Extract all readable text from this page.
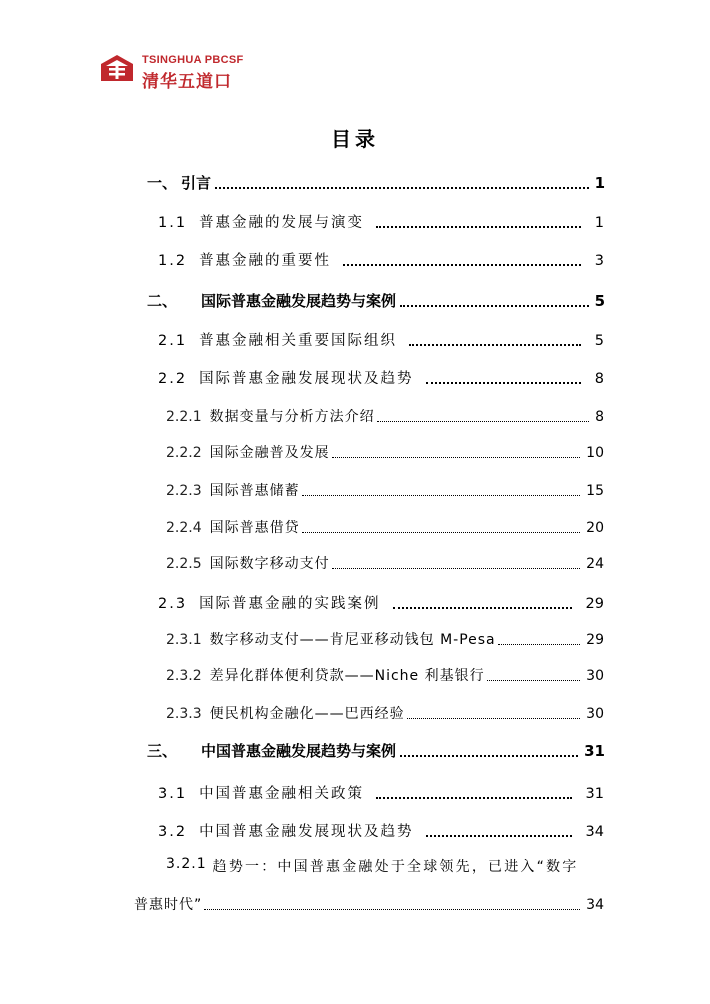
TSINGHUA PBCSF
清华五道口
目录
一、 引言	1
1.1 普惠金融的发展与演变	1
1.2 普惠金融的重要性	3
二、 国际普惠金融发展趋势与案例	5
2.1 普惠金融相关重要国际组织	5
2.2 国际普惠金融发展现状及趋势	8
2.2.1 数据变量与分析方法介绍	8
2.2.2 国际金融普及发展	10
2.2.3 国际普惠储蓄	15
2.2.4 国际普惠借贷	20
2.2.5 国际数字移动支付	24
2.3 国际普惠金融的实践案例	29
2.3.1 数字移动支付——肯尼亚移动钱包 M-Pesa	29
2.3.2 差异化群体便利贷款——Niche 利基银行	30
2.3.3 便民机构金融化——巴西经验	30
三、 中国普惠金融发展趋势与案例	31
3.1 中国普惠金融相关政策	31
3.2 中国普惠金融发展现状及趋势	34
3.2.1 趋势一：中国普惠金融处于全球领先，已进入“数字
普惠时代”	34
